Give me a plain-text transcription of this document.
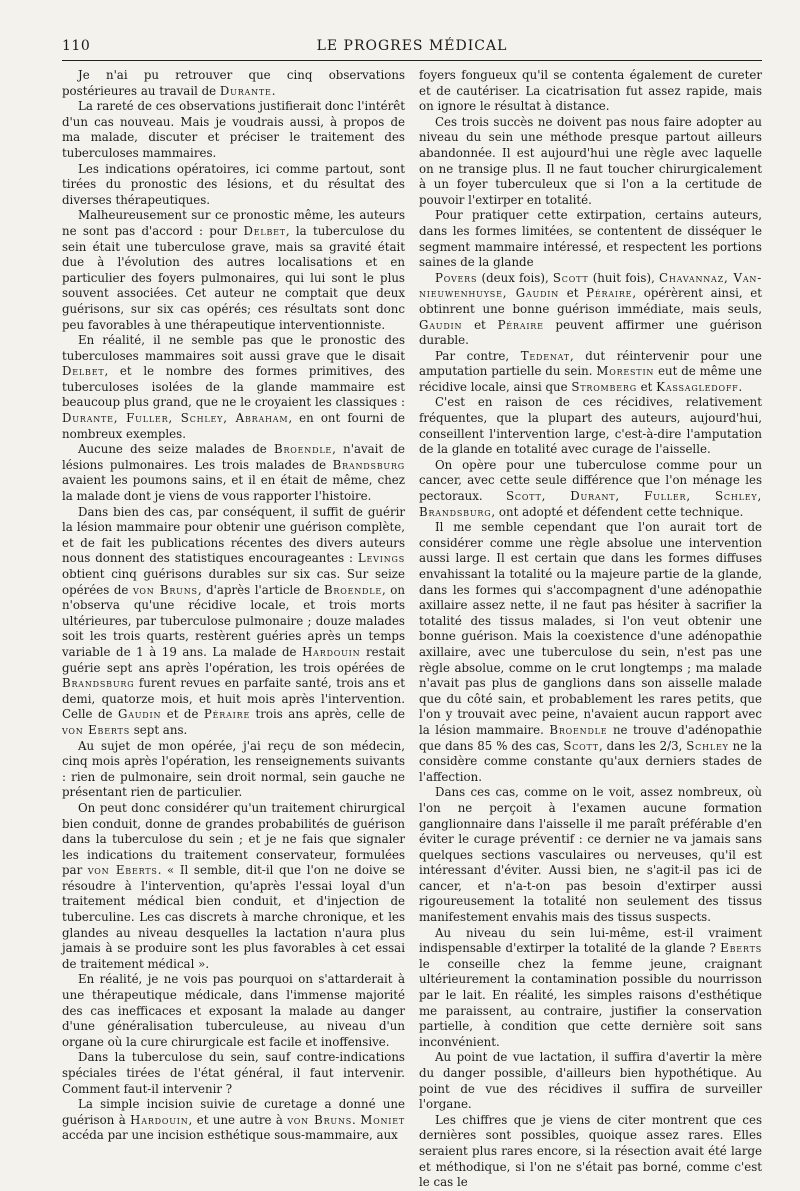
110	LE PROGRES MÉDICAL

Je n'ai pu retrouver que cinq observations postérieures au travail de Durante.

La rareté de ces observations justifierait donc l'intérêt d'un cas nouveau. Mais je voudrais aussi, à propos de ma malade, discuter et préciser le traitement des tuberculoses mammaires.

Les indications opératoires, ici comme partout, sont tirées du pronostic des lésions, et du résultat des diverses thérapeutiques.

Malheureusement sur ce pronostic même, les auteurs ne sont pas d'accord : pour Delbet, la tuberculose du sein était une tuberculose grave, mais sa gravité était due à l'évolution des autres localisations et en particulier des foyers pulmonaires, qui lui sont le plus souvent associées. Cet auteur ne comptait que deux guérisons, sur six cas opérés; ces résultats sont donc peu favorables à une thérapeutique interventionniste.

En réalité, il ne semble pas que le pronostic des tuberculoses mammaires soit aussi grave que le disait Delbet, et le nombre des formes primitives, des tuberculoses isolées de la glande mammaire est beaucoup plus grand, que ne le croyaient les classiques : Durante, Fuller, Schley, Abraham, en ont fourni de nombreux exemples.

Aucune des seize malades de Broendle, n'avait de lésions pulmonaires. Les trois malades de Brandsburg avaient les poumons sains, et il en était de même, chez la malade dont je viens de vous rapporter l'histoire.

Dans bien des cas, par conséquent, il suffit de guérir la lésion mammaire pour obtenir une guérison complète, et de fait les publications récentes des divers auteurs nous donnent des statistiques encourageantes : Levings obtient cinq guérisons durables sur six cas. Sur seize opérées de von Bruns, d'après l'article de Broendle, on n'observa qu'une récidive locale, et trois morts ultérieures, par tuberculose pulmonaire ; douze malades soit les trois quarts, restèrent guéries après un temps variable de 1 à 19 ans. La malade de Hardouin restait guérie sept ans après l'opération, les trois opérées de Brandsburg furent revues en parfaite santé, trois ans et demi, quatorze mois, et huit mois après l'intervention. Celle de Gaudin et de Péraire trois ans après, celle de von Eberts sept ans.

Au sujet de mon opérée, j'ai reçu de son médecin, cinq mois après l'opération, les renseignements suivants : rien de pulmonaire, sein droit normal, sein gauche ne présentant rien de particulier.

On peut donc considérer qu'un traitement chirurgical bien conduit, donne de grandes probabilités de guérison dans la tuberculose du sein ; et je ne fais que signaler les indications du traitement conservateur, formulées par von Eberts. « Il semble, dit-il que l'on ne doive se résoudre à l'intervention, qu'après l'essai loyal d'un traitement médical bien conduit, et d'injection de tuberculine. Les cas discrets à marche chronique, et les glandes au niveau desquelles la lactation n'aura plus jamais à se produire sont les plus favorables à cet essai de traitement médical ».

En réalité, je ne vois pas pourquoi on s'attarderait à une thérapeutique médicale, dans l'immense majorité des cas inefficaces et exposant la malade au danger d'une généralisation tuberculeuse, au niveau d'un organe où la cure chirurgicale est facile et inoffensive.

Dans la tuberculose du sein, sauf contre-indications spéciales tirées de l'état général, il faut intervenir. Comment faut-il intervenir ?

La simple incision suivie de curetage a donné une guérison à Hardouin, et une autre à von Bruns. Moniet accéda par une incision esthétique sous-mammaire, aux

foyers fongueux qu'il se contenta également de cureter et de cautériser. La cicatrisation fut assez rapide, mais on ignore le résultat à distance.

Ces trois succès ne doivent pas nous faire adopter au niveau du sein une méthode presque partout ailleurs abandonnée. Il est aujourd'hui une règle avec laquelle on ne transige plus. Il ne faut toucher chirurgicalement à un foyer tuberculeux que si l'on a la certitude de pouvoir l'extirper en totalité.

Pour pratiquer cette extirpation, certains auteurs, dans les formes limitées, se contentent de disséquer le segment mammaire intéressé, et respectent les portions saines de la glande

Povers (deux fois), Scott (huit fois), Chavannaz, Van-nieuwenhuyse, Gaudin et Péraire, opérèrent ainsi, et obtinrent une bonne guérison immédiate, mais seuls, Gaudin et Péraire peuvent affirmer une guérison durable.

Par contre, Tedenat, dut réintervenir pour une amputation partielle du sein. Morestin eut de même une récidive locale, ainsi que Stromberg et Kassagledoff.

C'est en raison de ces récidives, relativement fréquentes, que la plupart des auteurs, aujourd'hui, conseillent l'intervention large, c'est-à-dire l'amputation de la glande en totalité avec curage de l'aisselle.

On opère pour une tuberculose comme pour un cancer, avec cette seule différence que l'on ménage les pectoraux. Scott, Durant, Fuller, Schley, Brandsburg, ont adopté et défendent cette technique.

Il me semble cependant que l'on aurait tort de considérer comme une règle absolue une intervention aussi large. Il est certain que dans les formes diffuses envahissant la totalité ou la majeure partie de la glande, dans les formes qui s'accompagnent d'une adénopathie axillaire assez nette, il ne faut pas hésiter à sacrifier la totalité des tissus malades, si l'on veut obtenir une bonne guérison. Mais la coexistence d'une adénopathie axillaire, avec une tuberculose du sein, n'est pas une règle absolue, comme on le crut longtemps ; ma malade n'avait pas plus de ganglions dans son aisselle malade que du côté sain, et probablement les rares petits, que l'on y trouvait avec peine, n'avaient aucun rapport avec la lésion mammaire. Broendle ne trouve d'adénopathie que dans 85 % des cas, Scott, dans les 2/3, Schley ne la considère comme constante qu'aux derniers stades de l'affection.

Dans ces cas, comme on le voit, assez nombreux, où l'on ne perçoit à l'examen aucune formation ganglionnaire dans l'aisselle il me paraît préférable d'en éviter le curage préventif : ce dernier ne va jamais sans quelques sections vasculaires ou nerveuses, qu'il est intéressant d'éviter. Aussi bien, ne s'agit-il pas ici de cancer, et n'a-t-on pas besoin d'extirper aussi rigoureusement la totalité non seulement des tissus manifestement envahis mais des tissus suspects.

Au niveau du sein lui-même, est-il vraiment indispensable d'extirper la totalité de la glande ? Eberts le conseille chez la femme jeune, craignant ultérieurement la contamination possible du nourrisson par le lait. En réalité, les simples raisons d'esthétique me paraissent, au contraire, justifier la conservation partielle, à condition que cette dernière soit sans inconvénient.

Au point de vue lactation, il suffira d'avertir la mère du danger possible, d'ailleurs bien hypothétique. Au point de vue des récidives il suffira de surveiller l'organe.

Les chiffres que je viens de citer montrent que ces dernières sont possibles, quoique assez rares. Elles seraient plus rares encore, si la résection avait été large et méthodique, si l'on ne s'était pas borné, comme c'est le cas le
